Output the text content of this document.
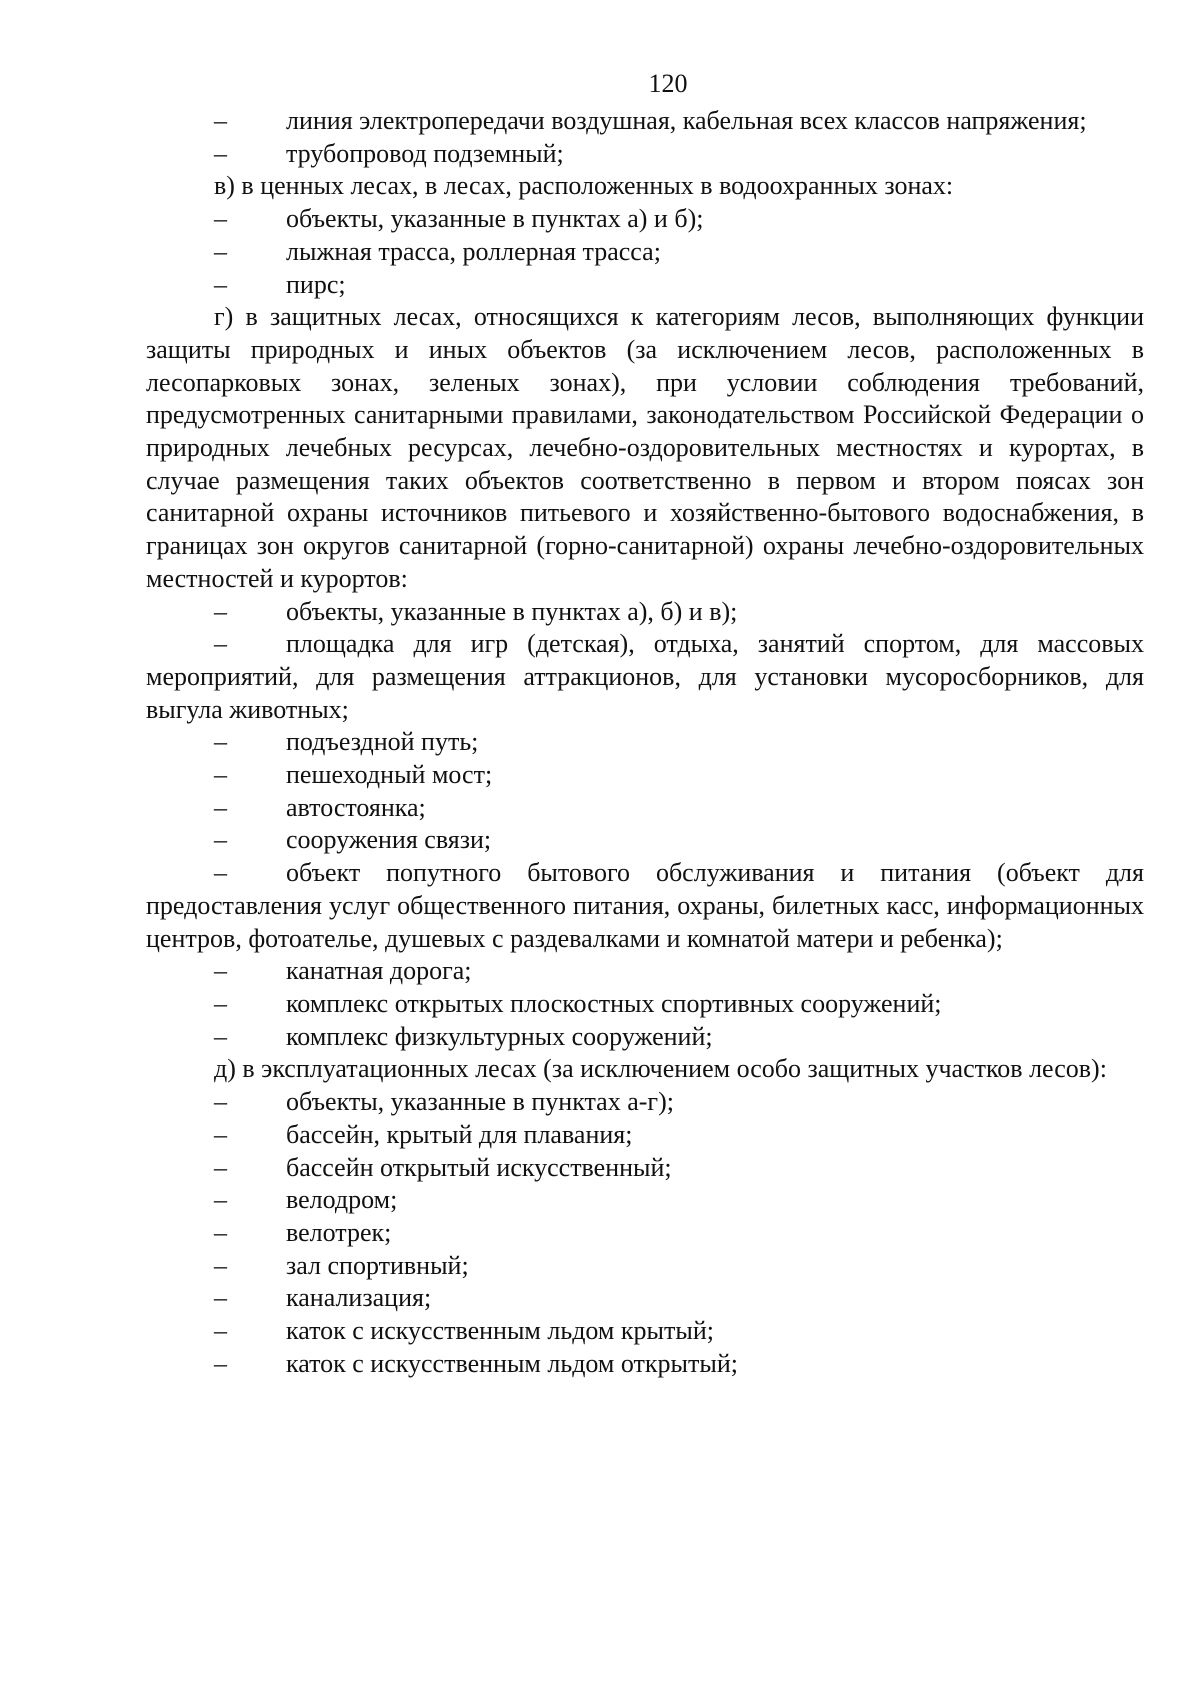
120

– линия электропередачи воздушная, кабельная всех классов напряжения;

– трубопровод подземный;

в) в ценных лесах, в лесах, расположенных в водоохранных зонах:

– объекты, указанные в пунктах а) и б);

– лыжная трасса, роллерная трасса;

– пирс;

г) в защитных лесах, относящихся к категориям лесов, выполняющих функции защиты природных и иных объектов (за исключением лесов, расположенных в лесопарковых зонах, зеленых зонах), при условии соблюдения требований, предусмотренных санитарными правилами, законодательством Российской Федерации о природных лечебных ресурсах, лечебно-оздоровительных местностях и курортах, в случае размещения таких объектов соответственно в первом и втором поясах зон санитарной охраны источников питьевого и хозяйственно-бытового водоснабжения, в границах зон округов санитарной (горно-санитарной) охраны лечебно-оздоровительных местностей и курортов:

– объекты, указанные в пунктах а), б) и в);

– площадка для игр (детская), отдыха, занятий спортом, для массовых мероприятий, для размещения аттракционов, для установки мусоросборников, для выгула животных;

– подъездной путь;

– пешеходный мост;

– автостоянка;

– сооружения связи;

– объект попутного бытового обслуживания и питания (объект для предоставления услуг общественного питания, охраны, билетных касс, информационных центров, фотоателье, душевых с раздевалками и комнатой матери и ребенка);

– канатная дорога;

– комплекс открытых плоскостных спортивных сооружений;

– комплекс физкультурных сооружений;

д) в эксплуатационных лесах (за исключением особо защитных участков лесов):

– объекты, указанные в пунктах а-г);

– бассейн, крытый для плавания;

– бассейн открытый искусственный;

– велодром;

– велотрек;

– зал спортивный;

– канализация;

– каток с искусственным льдом крытый;

– каток с искусственным льдом открытый;
